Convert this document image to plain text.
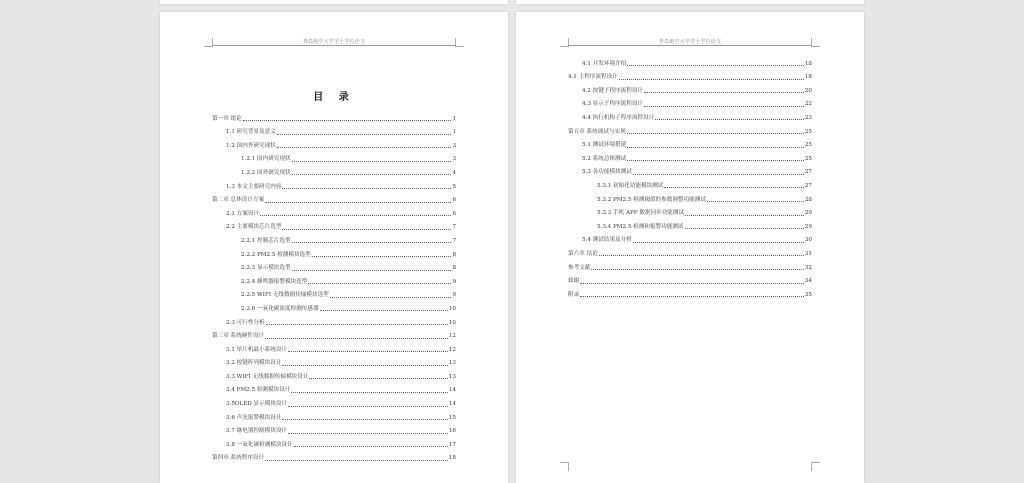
青岛航空大学学士学位论文
目 录
第一章 绪论	1
1.1 研究背景及意义	1
1.2 国内外研究现状	3
1.2.1 国内研究现状	3
1.2.2 国外研究现状	4
1.3 本文主要研究内容	5
第二章 总体设计方案	6
2.1 方案设计	6
2.2 主要模块芯片选型	7
2.2.1 控制芯片选型	7
2.2.2 PM2.5 检测模块选型	8
2.2.3 显示模块选型	8
2.2.4 蜂鸣器报警模块选型	9
2.2.5 WIFI 无线数据传输模块选型	9
2.2.6 一氧化碳浓度检测传感器	10
2.3 可行性分析	10
第三章 系统硬件设计	12
3.1 单片机最小系统设计	12
3.2 按键阵列模块设计	13
3.3 WIFI 无线数据传输模块设计	13
3.4 PM2.5 检测模块设计	14
3.5OLED 显示模块设计	14
3.6 声光报警模块设计	15
3.7 继电器控制模块设计	16
3.8 一氧化碳检测模块设计	17
第四章 系统程序设计	18
青岛航空大学学士学位论文
4.1 开发环境介绍	18
4.1 主程序流程设计	18
4.2 按键子程序流程设计	20
4.3 显示子程序流程设计	22
4.4 执行机构子程序流程设计	23
第五章 系统调试与实现	25
5.1 测试环境搭建	25
5.2 系统总体测试	25
5.3 各功能模块测试	27
5.3.1 初始化功能模块测试	27
5.3.2 PM2.5 检测阈值的参数调整功能测试	28
5.3.3 手机 APP 数据同步功能测试	29
5.3.4 PM2.5 检测和报警功能测试	29
5.4 测试结果及分析	30
第六章 结论	31
参考文献	32
致谢	34
附录	35
